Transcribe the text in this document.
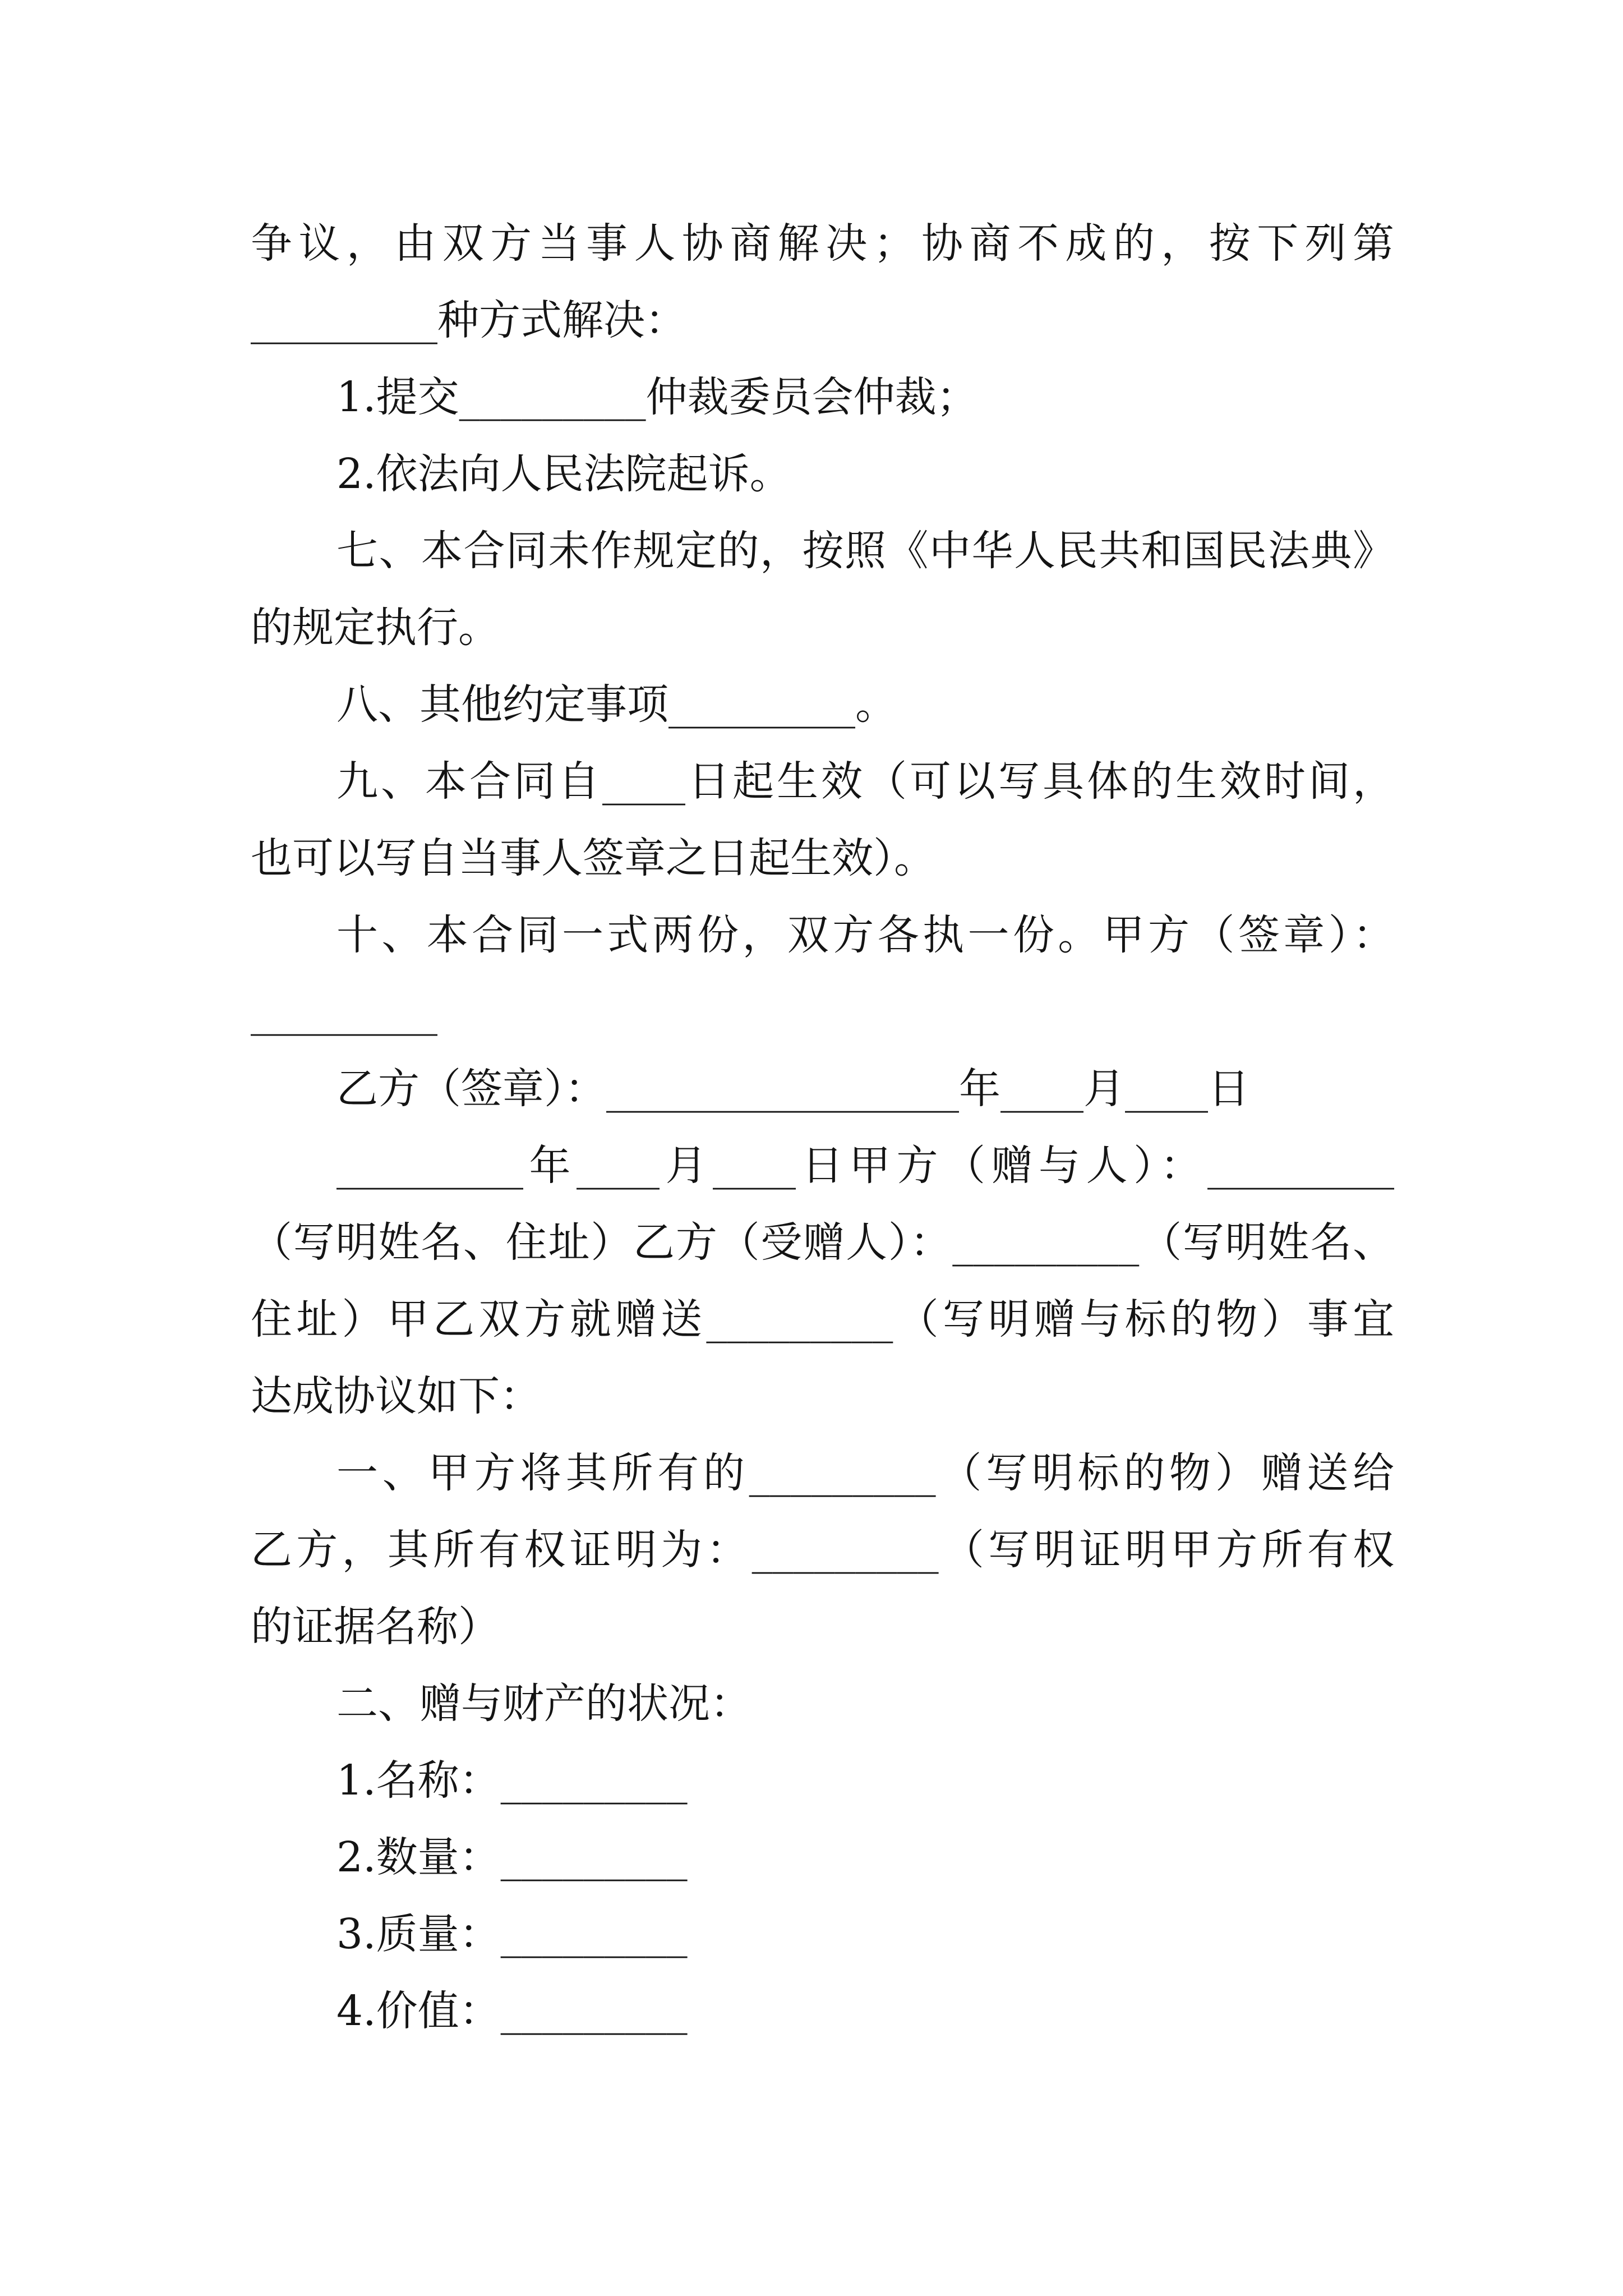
争议，由双方当事人协商解决；协商不成的，按下列第
_________种方式解决：
1.提交_________仲裁委员会仲裁；
2.依法向人民法院起诉。
七、本合同未作规定的，按照《中华人民共和国民法典》
的规定执行。
八、其他约定事项_________。
九、本合同自____日起生效（可以写具体的生效时间，
也可以写自当事人签章之日起生效）。
十、本合同一式两份，双方各执一份。甲方（签章）：
_________
乙方（签章）：_________________年____月____日
_________年____月____日甲方（赠与人）：_________
（写明姓名、住址）乙方（受赠人）：_________（写明姓名、
住址）甲乙双方就赠送_________（写明赠与标的物）事宜
达成协议如下：
一、甲方将其所有的_________（写明标的物）赠送给
乙方，其所有权证明为：_________（写明证明甲方所有权
的证据名称）
二、赠与财产的状况：
1.名称：_________
2.数量：_________
3.质量：_________
4.价值：_________
